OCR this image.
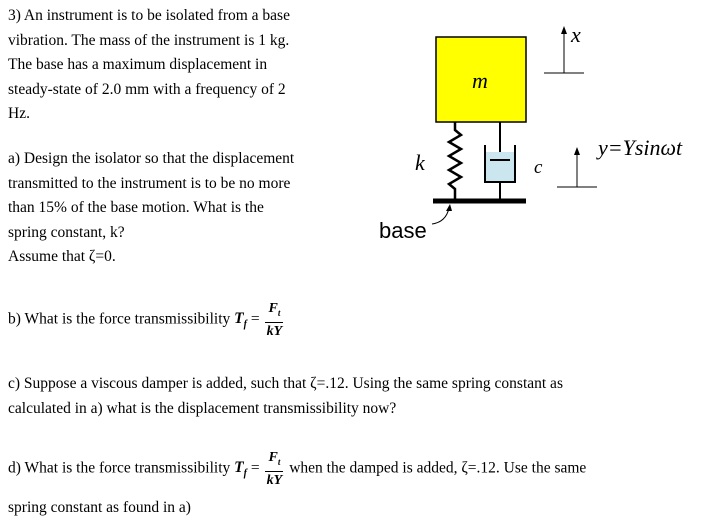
3) An instrument is to be isolated from a base
vibration. The mass of the instrument is 1 kg.
The base has a maximum displacement in
steady-state of 2.0 mm with a frequency of 2
Hz.
a) Design the isolator so that the displacement
transmitted to the instrument is to be no more
than 15% of the base motion. What is the
spring constant, k?
Assume that ζ=0.
b) What is the force transmissibility $T_f = \frac{F_t}{kY}$
c) Suppose a viscous damper is added, such that ζ=.12. Using the same spring constant as
calculated in a) what is the displacement transmissibility now?
d) What is the force transmissibility $T_f = \frac{F_t}{kY}$ when the damped is added, ζ=.12. Use the same
spring constant as found in a)
m
k	c
x
y=Ysinωt
base
